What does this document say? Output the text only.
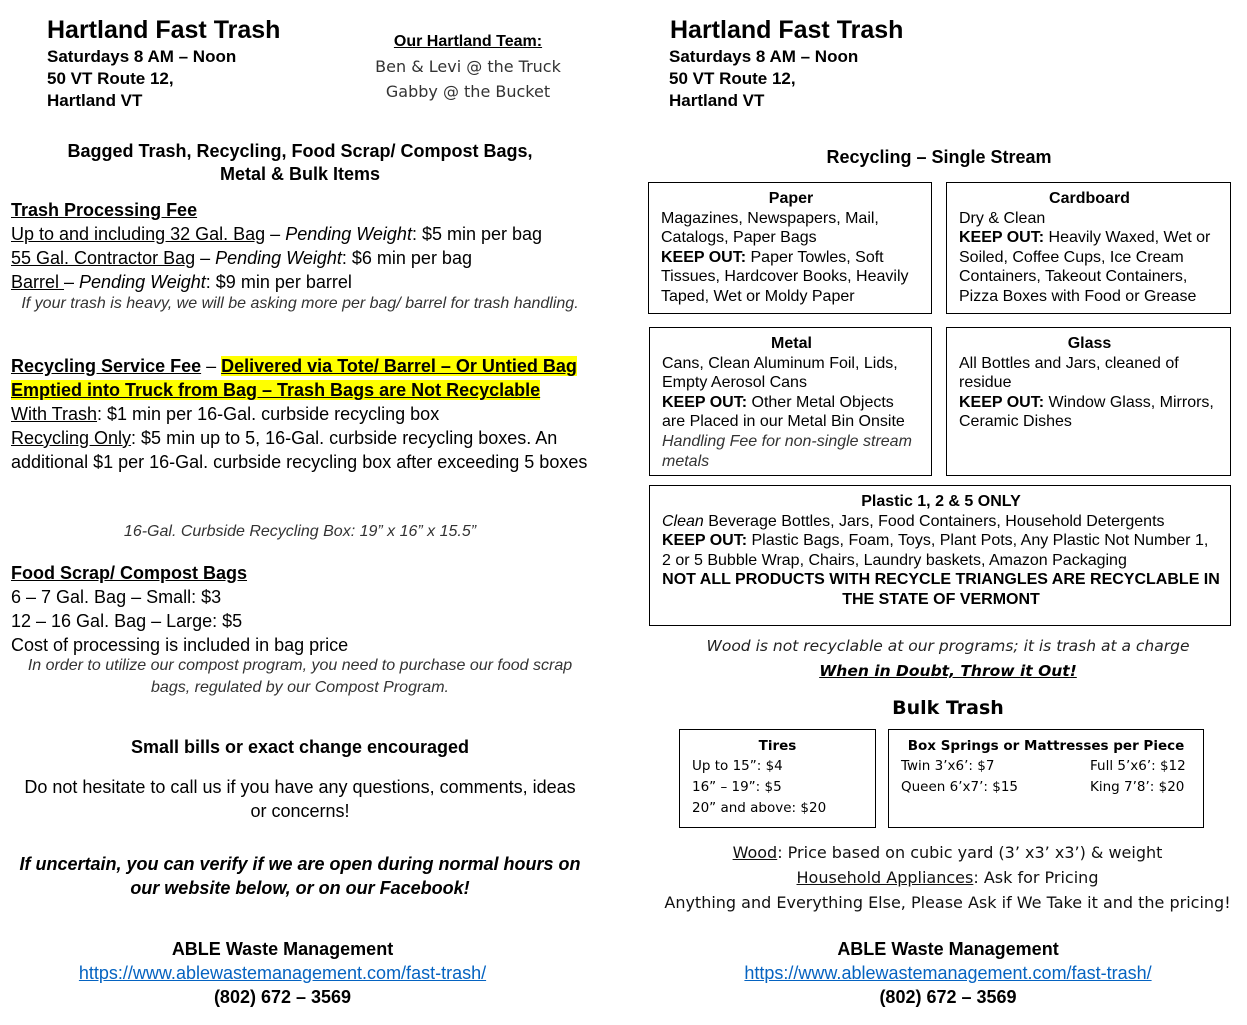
Hartland Fast Trash
Saturdays 8 AM – Noon
50 VT Route 12,
Hartland VT
Our Hartland Team:
Ben & Levi @ the Truck
Gabby @ the Bucket
Bagged Trash, Recycling, Food Scrap/ Compost Bags,
Metal & Bulk Items
Trash Processing Fee
Up to and including 32 Gal. Bag – Pending Weight: $5 min per bag
55 Gal. Contractor Bag – Pending Weight: $6 min per bag
Barrel – Pending Weight: $9 min per barrel
If your trash is heavy, we will be asking more per bag/ barrel for trash handling.
Recycling Service Fee – Delivered via Tote/ Barrel – Or Untied Bag Emptied into Truck from Bag – Trash Bags are Not Recyclable
With Trash: $1 min per 16-Gal. curbside recycling box
Recycling Only: $5 min up to 5, 16-Gal. curbside recycling boxes. An additional $1 per 16-Gal. curbside recycling box after exceeding 5 boxes
16-Gal. Curbside Recycling Box: 19” x 16” x 15.5”
Food Scrap/ Compost Bags
6 – 7 Gal. Bag – Small: $3
12 – 16 Gal. Bag – Large: $5
Cost of processing is included in bag price
In order to utilize our compost program, you need to purchase our food scrap bags, regulated by our Compost Program.
Small bills or exact change encouraged
Do not hesitate to call us if you have any questions, comments, ideas or concerns!
If uncertain, you can verify if we are open during normal hours on our website below, or on our Facebook!
ABLE Waste Management
https://www.ablewastemanagement.com/fast-trash/
(802) 672 – 3569
Hartland Fast Trash
Saturdays 8 AM – Noon
50 VT Route 12,
Hartland VT
Recycling – Single Stream
Paper
Magazines, Newspapers, Mail, Catalogs, Paper Bags
KEEP OUT: Paper Towles, Soft Tissues, Hardcover Books, Heavily Taped, Wet or Moldy Paper
Cardboard
Dry & Clean
KEEP OUT: Heavily Waxed, Wet or Soiled, Coffee Cups, Ice Cream Containers, Takeout Containers, Pizza Boxes with Food or Grease
Metal
Cans, Clean Aluminum Foil, Lids, Empty Aerosol Cans
KEEP OUT: Other Metal Objects are Placed in our Metal Bin Onsite
Handling Fee for non-single stream metals
Glass
All Bottles and Jars, cleaned of residue
KEEP OUT: Window Glass, Mirrors, Ceramic Dishes
Plastic 1, 2 & 5 ONLY
Clean Beverage Bottles, Jars, Food Containers, Household Detergents
KEEP OUT: Plastic Bags, Foam, Toys, Plant Pots, Any Plastic Not Number 1, 2 or 5 Bubble Wrap, Chairs, Laundry baskets, Amazon Packaging
NOT ALL PRODUCTS WITH RECYCLE TRIANGLES ARE RECYCLABLE IN THE STATE OF VERMONT
Wood is not recyclable at our programs; it is trash at a charge
When in Doubt, Throw it Out!
Bulk Trash
Tires
Up to 15”: $4
16” – 19”: $5
20” and above: $20
Box Springs or Mattresses per Piece
Twin 3’x6’: $7	Full 5’x6’: $12
Queen 6’x7’: $15	King 7’8’: $20
Wood: Price based on cubic yard (3’ x3’ x3’) & weight
Household Appliances: Ask for Pricing
Anything and Everything Else, Please Ask if We Take it and the pricing!
ABLE Waste Management
https://www.ablewastemanagement.com/fast-trash/
(802) 672 – 3569
